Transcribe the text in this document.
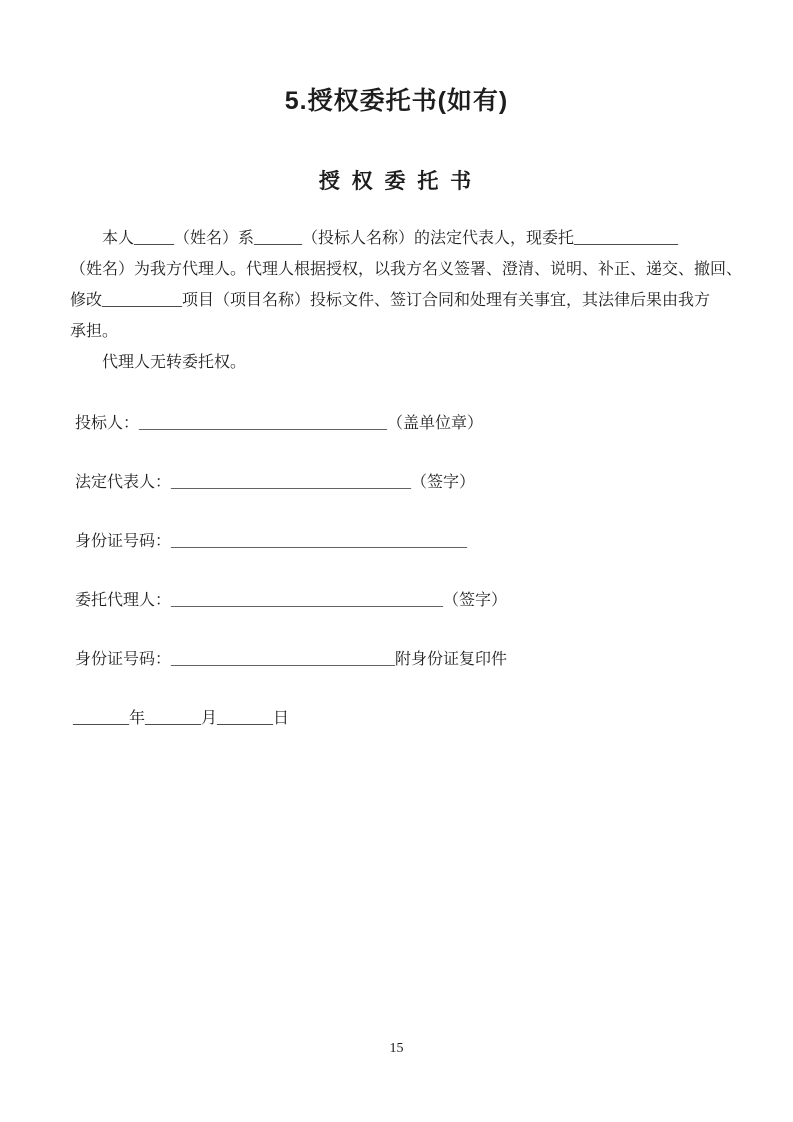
5.授权委托书(如有)
授 权 委 托 书
本人_____（姓名）系______（投标人名称）的法定代表人，现委托_____________
（姓名）为我方代理人。代理人根据授权，以我方名义签署、澄清、说明、补正、递交、撤回、
修改__________项目（项目名称）投标文件、签订合同和处理有关事宜，其法律后果由我方
承担。
代理人无转委托权。
投标人：_______________________________（盖单位章）
法定代表人：______________________________（签字）
身份证号码：_____________________________________
委托代理人：__________________________________（签字）
身份证号码：____________________________附身份证复印件
_______年_______月_______日
15
